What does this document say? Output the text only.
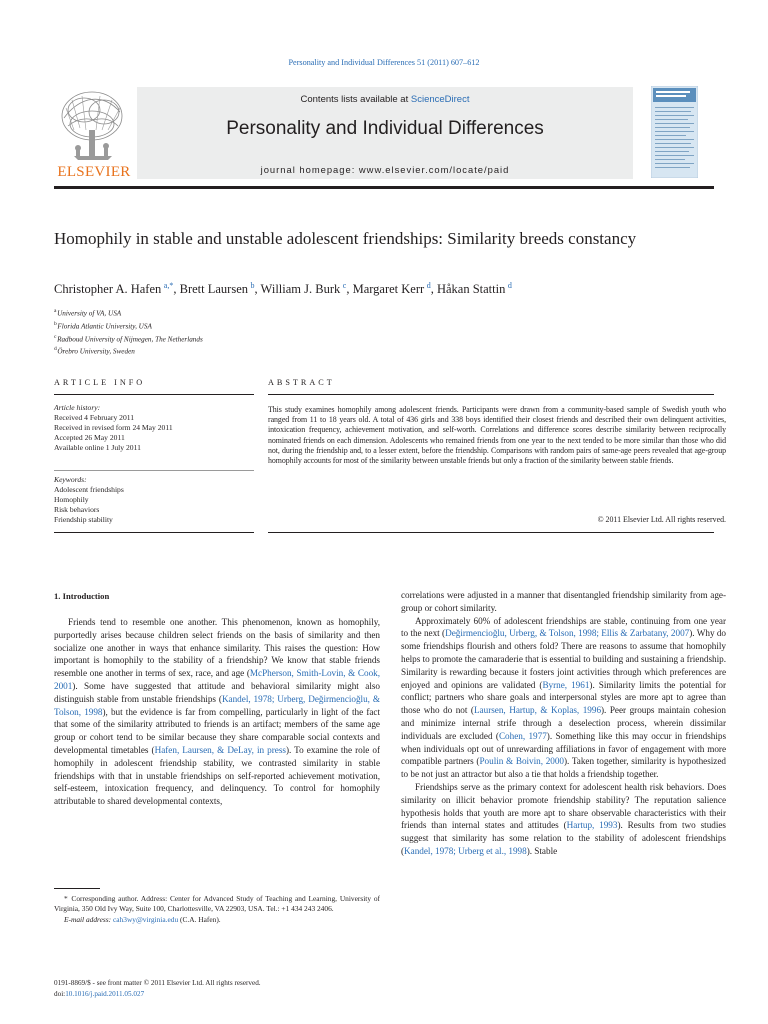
Personality and Individual Differences 51 (2011) 607–612
ELSEVIER
Contents lists available at ScienceDirect
Personality and Individual Differences
journal homepage: www.elsevier.com/locate/paid
Homophily in stable and unstable adolescent friendships: Similarity breeds constancy
Christopher A. Hafen  $^{a,*}$, Brett Laursen  $^b$, William J. Burk  $^c$, Margaret Kerr  $^d$, Håkan Stattin  $^d$
$^a$ University of VA, USA
$^b$ Florida Atlantic University, USA
$^c$ Radboud University of Nijmegen, The Netherlands
$^d$ Örebro University, Sweden
ARTICLE INFO	ABSTRACT
Article history:
Received 4 February 2011
Received in revised form 24 May 2011
Accepted 26 May 2011
Available online 1 July 2011
Keywords:
Adolescent friendships
Homophily
Risk behaviors
Friendship stability
This study examines homophily among adolescent friends. Participants were drawn from a community-based sample of Swedish youth who ranged from 11 to 18 years old. A total of 436 girls and 338 boys identified their closest friends and described their own delinquent activities, intoxication frequency, achievement motivation, and self-worth. Correlations and difference scores describe similarity between reciprocally nominated friends on each dimension. Adolescents who remained friends from one year to the next tended to be more similar than those who did not, during the friendship and, to a lesser extent, before the friendship. Comparisons with random pairs of same-age peers revealed that age-group homophily accounts for most of the similarity between unstable friends but only a fraction of the similarity between stable friends.
© 2011 Elsevier Ltd. All rights reserved.
1. Introduction

Friends tend to resemble one another. This phenomenon, known as homophily, purportedly arises because children select friends on the basis of similarity and then socialize one another in ways that enhance similarity. This raises the question: How important is homophily to the stability of a friendship? We know that stable friends resemble one another in terms of sex, race, and age (McPherson, Smith-Lovin, & Cook, 2001). Some have suggested that attitude and behavioral similarity might also distinguish stable from unstable friendships (Kandel, 1978; Urberg, Değirmencioğlu, & Tolson, 1998), but the evidence is far from compelling, particularly in light of the fact that some of the similarity attributed to friends is an artifact; members of the same age group or cohort tend to be similar because they share comparable social contexts and developmental timetables (Hafen, Laursen, & DeLay, in press). To examine the role of homophily in adolescent friendship stability, we contrasted similarity in stable friendships with that in unstable friendships on self-reported achievement motivation, self-esteem, intoxication frequency, and delinquency. To control for homophily attributable to shared developmental contexts,

correlations were adjusted in a manner that disentangled friendship similarity from age-group or cohort similarity.

Approximately 60% of adolescent friendships are stable, continuing from one year to the next (Değirmencioğlu, Urberg, & Tolson, 1998; Ellis & Zarbatany, 2007). Why do some friendships flourish and others fold? There are reasons to assume that homophily helps to promote the camaraderie that is essential to building and sustaining a friendship. Similarity is rewarding because it fosters joint activities through which preferences are enjoyed and opinions are validated (Byrne, 1961). Similarity limits the potential for conflict; partners who share goals and interpersonal styles are more apt to agree than those who do not (Laursen, Hartup, & Koplas, 1996). Peer groups maintain cohesion and minimize internal strife through a deselection process, wherein dissimilar individuals are excluded (Cohen, 1977). Something like this may occur in friendships when individuals opt out of unrewarding affiliations in favor of engagement with more compatible partners (Poulin & Boivin, 2000). Taken together, similarity is hypothesized to be not just an attractor but also a tie that holds a friendship together.

Friendships serve as the primary context for adolescent health risk behaviors. Does similarity on illicit behavior promote friendship stability? The reputation salience hypothesis holds that youth are more apt to share observable characteristics with their friends than internal states and attitudes (Hartup, 1993). Results from two studies suggest that similarity has some relation to the stability of adolescent friendships (Kandel, 1978; Urberg et al., 1998). Stable

*  Corresponding author. Address: Center for Advanced Study of Teaching and Learning, University of Virginia, 350 Old Ivy Way, Suite 100, Charlottesville, VA 22903, USA. Tel.: +1 434 243 2406.
E-mail address: cah3wy@virginia.edu (C.A. Hafen).
0191-8869/$ - see front matter © 2011 Elsevier Ltd. All rights reserved.
doi:10.1016/j.paid.2011.05.027
